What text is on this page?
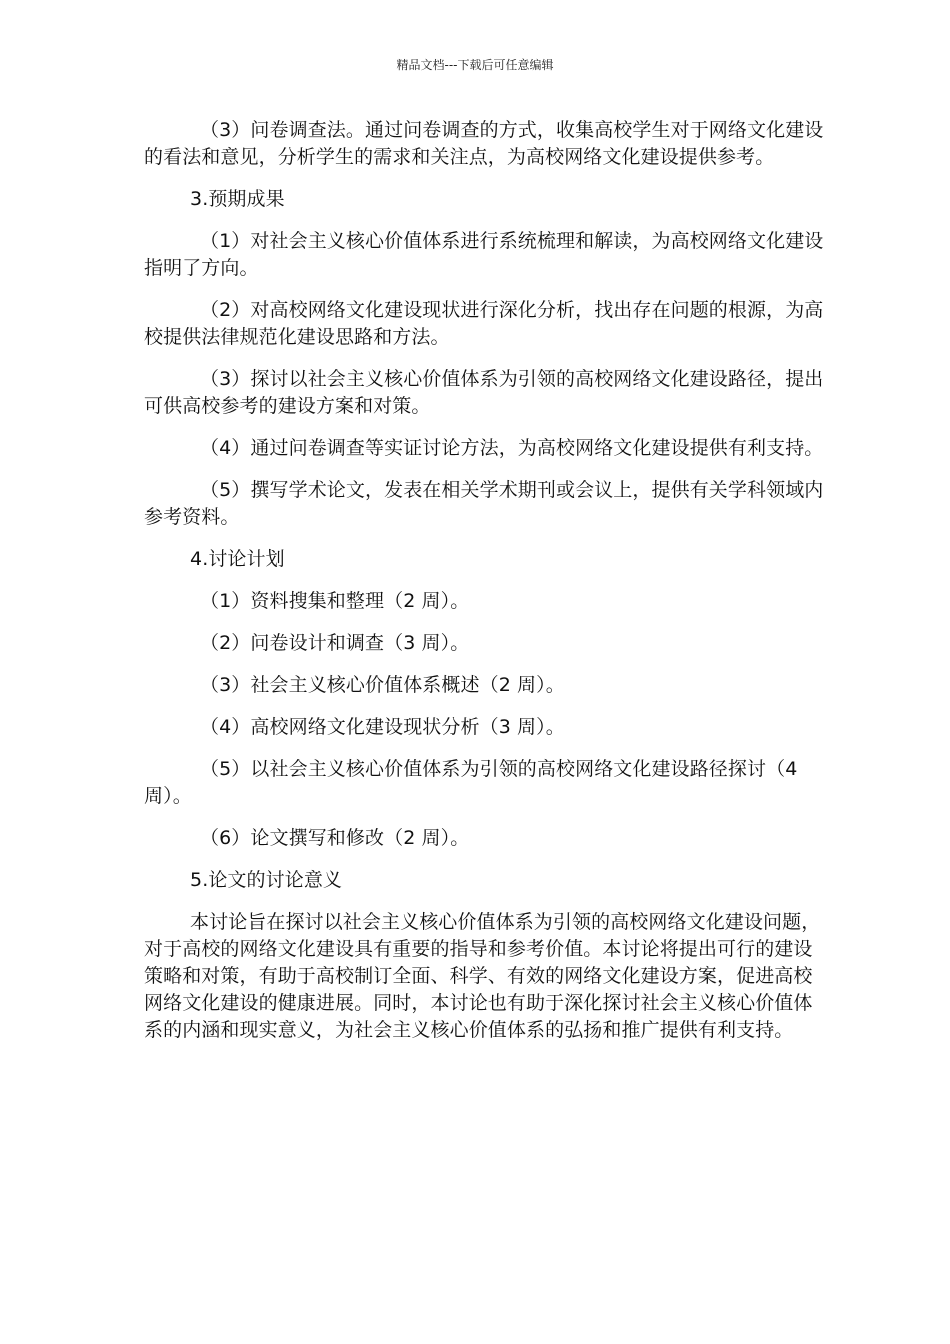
精品文档---下载后可任意编辑

（3）问卷调查法。通过问卷调查的方式，收集高校学生对于网络文化建设的看法和意见，分析学生的需求和关注点，为高校网络文化建设提供参考。

3.预期成果

（1）对社会主义核心价值体系进行系统梳理和解读，为高校网络文化建设指明了方向。

（2）对高校网络文化建设现状进行深化分析，找出存在问题的根源，为高校提供法律规范化建设思路和方法。

（3）探讨以社会主义核心价值体系为引领的高校网络文化建设路径，提出可供高校参考的建设方案和对策。

（4）通过问卷调查等实证讨论方法，为高校网络文化建设提供有利支持。

（5）撰写学术论文，发表在相关学术期刊或会议上，提供有关学科领域内参考资料。

4.讨论计划

（1）资料搜集和整理（2 周）。

（2）问卷设计和调查（3 周）。

（3）社会主义核心价值体系概述（2 周）。

（4）高校网络文化建设现状分析（3 周）。

（5）以社会主义核心价值体系为引领的高校网络文化建设路径探讨（4 周）。

（6）论文撰写和修改（2 周）。

5.论文的讨论意义

本讨论旨在探讨以社会主义核心价值体系为引领的高校网络文化建设问题，对于高校的网络文化建设具有重要的指导和参考价值。本讨论将提出可行的建设策略和对策，有助于高校制订全面、科学、有效的网络文化建设方案，促进高校网络文化建设的健康进展。同时，本讨论也有助于深化探讨社会主义核心价值体系的内涵和现实意义，为社会主义核心价值体系的弘扬和推广提供有利支持。
